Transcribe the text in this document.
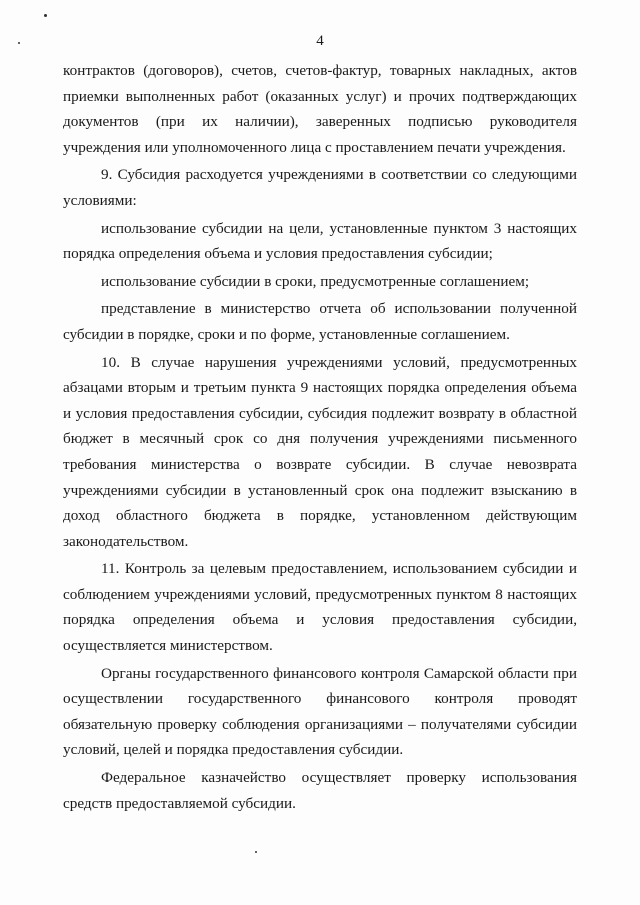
4

контрактов (договоров), счетов, счетов-фактур, товарных накладных, актов приемки выполненных работ (оказанных услуг) и прочих подтверждающих документов (при их наличии), заверенных подписью руководителя учреждения или уполномоченного лица с проставлением печати учреждения.

9. Субсидия расходуется учреждениями в соответствии со следующими условиями:

использование субсидии на цели, установленные пунктом 3 настоящих порядка определения объема и условия предоставления субсидии;

использование субсидии в сроки, предусмотренные соглашением;

представление в министерство отчета об использовании полученной субсидии в порядке, сроки и по форме, установленные соглашением.

10. В случае нарушения учреждениями условий, предусмотренных абзацами вторым и третьим пункта 9 настоящих порядка определения объема и условия предоставления субсидии, субсидия подлежит возврату в областной бюджет в месячный срок со дня получения учреждениями письменного требования министерства о возврате субсидии. В случае невозврата учреждениями субсидии в установленный срок она подлежит взысканию в доход областного бюджета в порядке, установленном действующим законодательством.

11. Контроль за целевым предоставлением, использованием субсидии и соблюдением учреждениями условий, предусмотренных пунктом 8 настоящих порядка определения объема и условия предоставления субсидии, осуществляется министерством.

Органы государственного финансового контроля Самарской области при осуществлении государственного финансового контроля проводят обязательную проверку соблюдения организациями – получателями субсидии условий, целей и порядка предоставления субсидии.

Федеральное казначейство осуществляет проверку использования средств предоставляемой субсидии.
